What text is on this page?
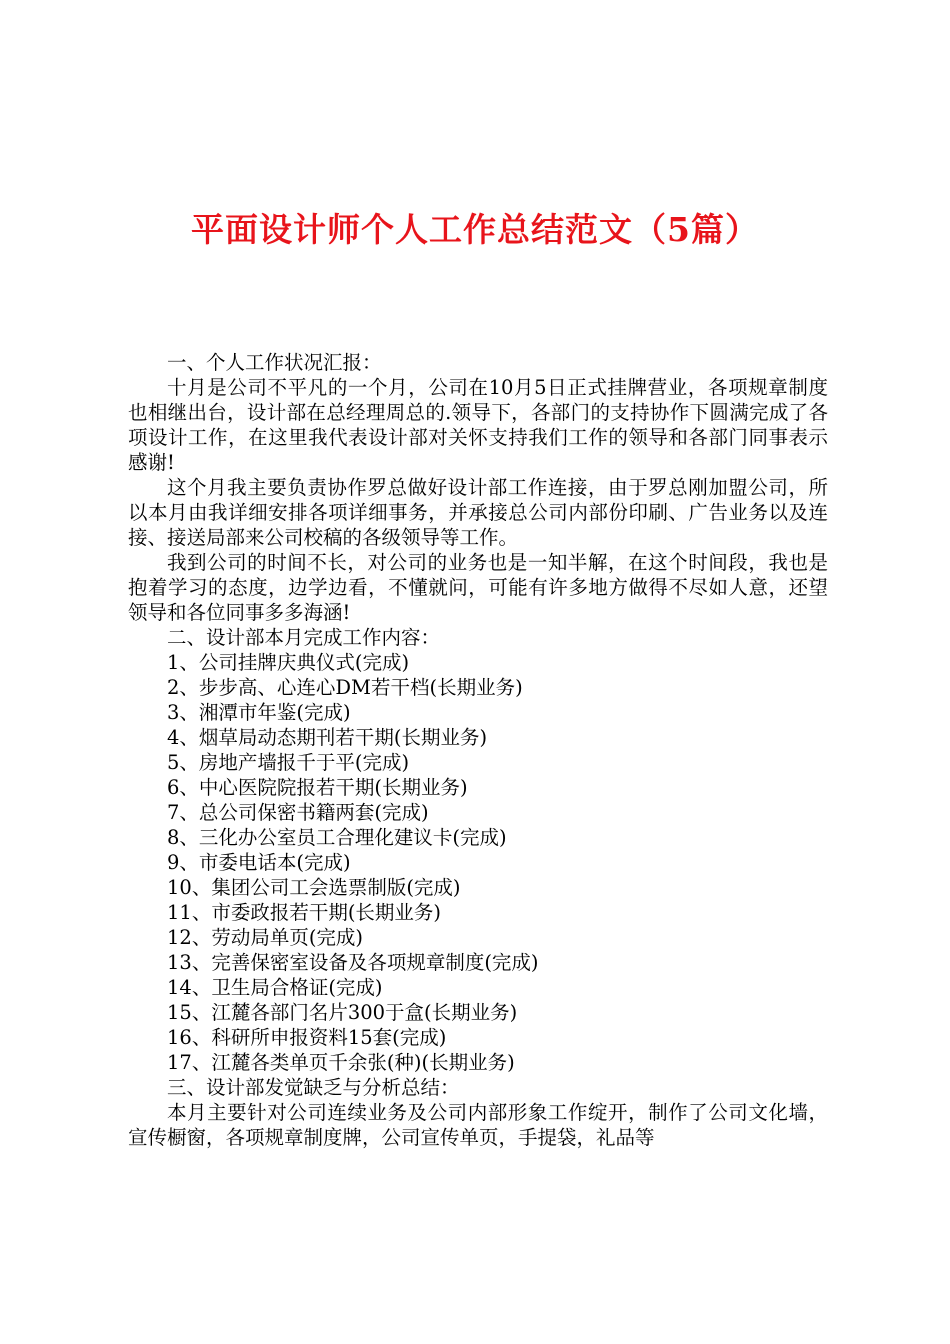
平面设计师个人工作总结范文（5篇）

一、个人工作状况汇报：

十月是公司不平凡的一个月，公司在10月5日正式挂牌营业，各项规章制度也相继出台，设计部在总经理周总的.领导下，各部门的支持协作下圆满完成了各项设计工作，在这里我代表设计部对关怀支持我们工作的领导和各部门同事表示感谢!

这个月我主要负责协作罗总做好设计部工作连接，由于罗总刚加盟公司，所以本月由我详细安排各项详细事务，并承接总公司内部份印刷、广告业务以及连接、接送局部来公司校稿的各级领导等工作。

我到公司的时间不长，对公司的业务也是一知半解，在这个时间段，我也是抱着学习的态度，边学边看，不懂就问，可能有许多地方做得不尽如人意，还望领导和各位同事多多海涵!

二、设计部本月完成工作内容：

1、公司挂牌庆典仪式(完成)

2、步步高、心连心DM若干档(长期业务)

3、湘潭市年鉴(完成)

4、烟草局动态期刊若干期(长期业务)

5、房地产墙报千于平(完成)

6、中心医院院报若干期(长期业务)

7、总公司保密书籍两套(完成)

8、三化办公室员工合理化建议卡(完成)

9、市委电话本(完成)

10、集团公司工会选票制版(完成)

11、市委政报若干期(长期业务)

12、劳动局单页(完成)

13、完善保密室设备及各项规章制度(完成)

14、卫生局合格证(完成)

15、江麓各部门名片300于盒(长期业务)

16、科研所申报资料15套(完成)

17、江麓各类单页千余张(种)(长期业务)

三、设计部发觉缺乏与分析总结：

本月主要针对公司连续业务及公司内部形象工作绽开，制作了公司文化墙，宣传橱窗，各项规章制度牌，公司宣传单页，手提袋，礼品等
